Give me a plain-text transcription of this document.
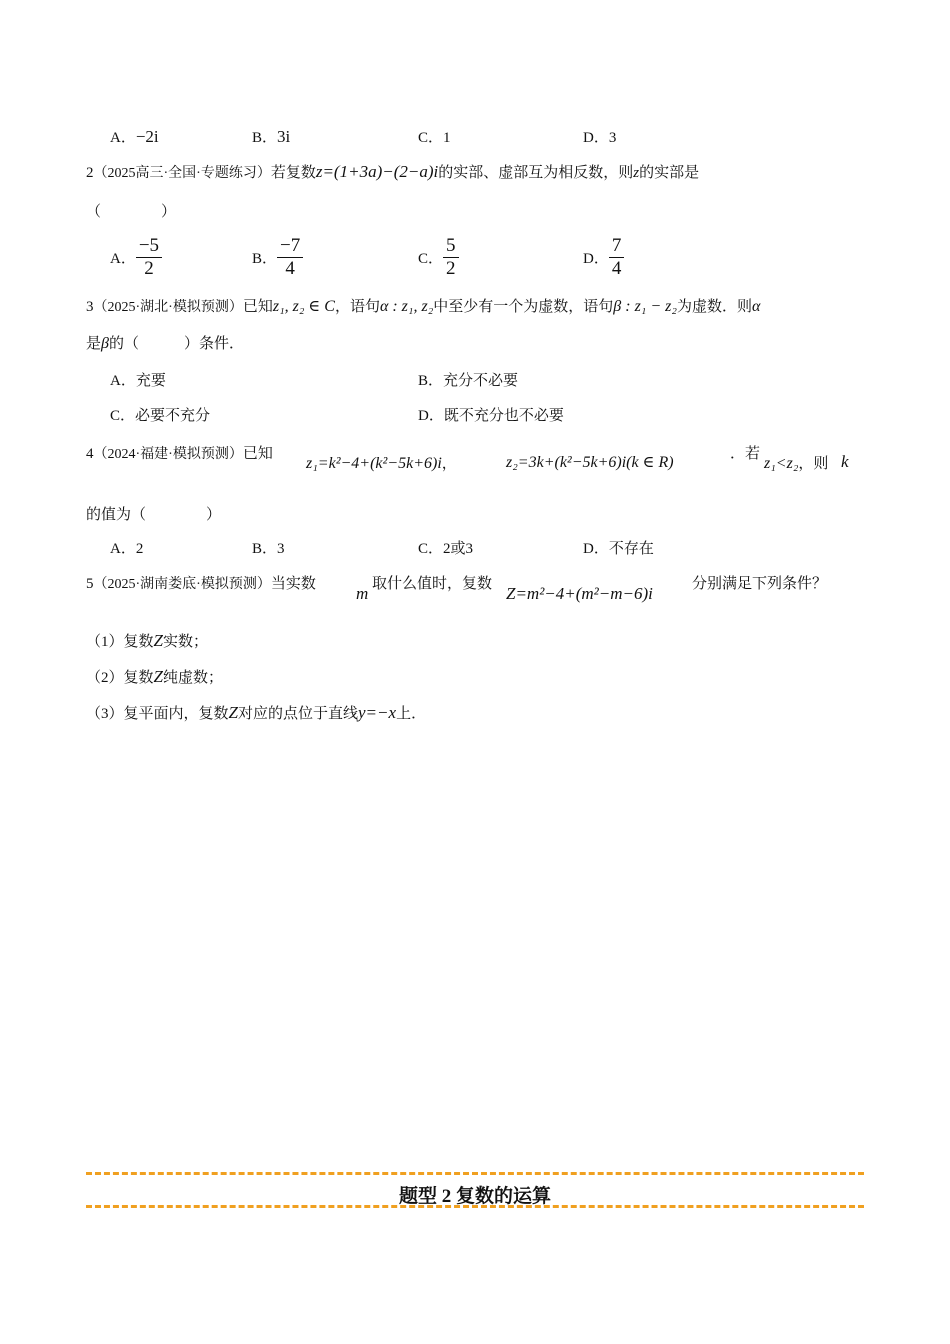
A．−2i	B．3i	C．1	D．3
2（2025高三·全国·专题练习）若复数z=(1+3a)−(2−a)i的实部、虚部互为相反数，则z的实部是
（　　　　）
A． $\frac{-5}{2}$	B． $\frac{-7}{4}$	C． $\frac{5}{2}$	D． $\frac{7}{4}$
3（2025·湖北·模拟预测）已知z₁, z₂ ∈ C，语句α : z₁, z₂中至少有一个为虚数，语句β : z₁ − z₂为虚数．则α
是β的（　　　）条件．
A．充要	B．充分不必要
C．必要不充分	D．既不充分也不必要
4（2024·福建·模拟预测）已知
z₁=k²−4+(k²−5k+6)i，	z₂=3k+(k²−5k+6)i(k ∈ R)	．若
z₁<z₂，则 k
的值为（　　　　）
A．2	B．3	C．2或3	D．不存在
5（2025·湖南娄底·模拟预测）当实数 m 取什么值时，复数 Z=m²−4+(m²−m−6)i	分别满足下列条件？
（1）复数Z实数；
（2）复数Z纯虚数；
（3）复平面内，复数Z对应的点位于直线y=−x上．
题型 2 复数的运算
